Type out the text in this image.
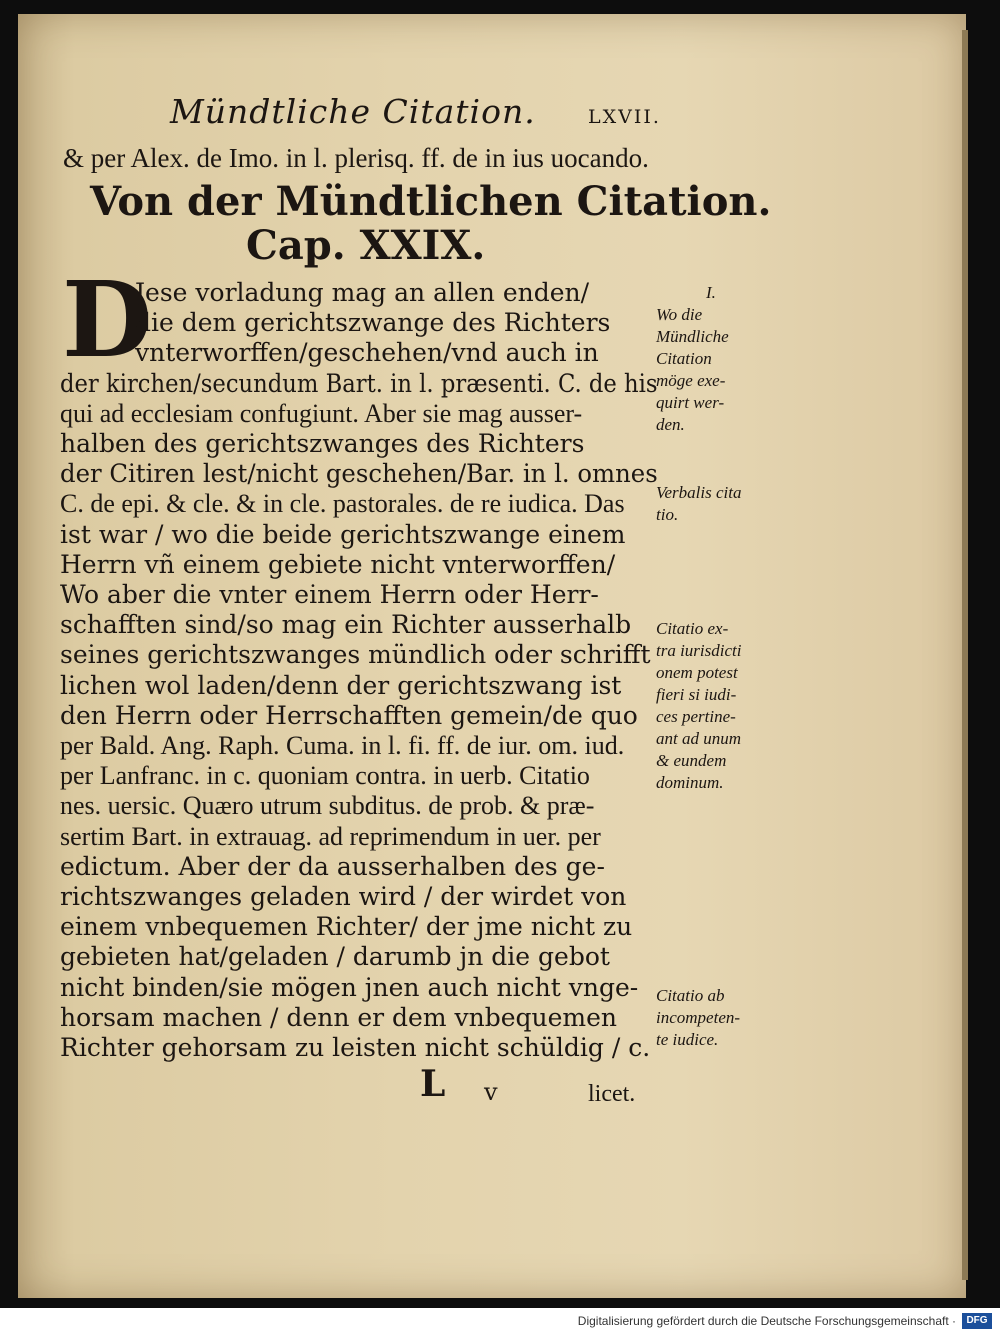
Mündtliche Citation.	LXVII.
& per Alex. de Imo. in l. plerisq. ff. de in ius uocando.
Von der Mündtlichen Citation.
Cap. XXIX.
D
Jese vorladung mag an allen enden/
die dem gerichtszwange des Richters
vnterworffen/geschehen/vnd auch in
der kirchen/secundum Bart. in l. præsenti. C. de his
qui ad ecclesiam confugiunt. Aber sie mag ausser-
halben des gerichtszwanges des Richters
der Citiren lest/nicht geschehen/Bar. in l. omnes
C. de epi. & cle. & in cle. pastorales. de re iudica. Das
ist war / wo die beide gerichtszwange einem
Herrn vñ einem gebiete nicht vnterworffen/
Wo aber die vnter einem Herrn oder Herr-
schafften sind/so mag ein Richter ausserhalb
seines gerichtszwanges mündlich oder schrifft
lichen wol laden/denn der gerichtszwang ist
den Herrn oder Herrschafften gemein/de quo
per Bald. Ang. Raph. Cuma. in l. fi. ff. de iur. om. iud.
per Lanfranc. in c. quoniam contra. in uerb. Citatio
nes. uersic. Quæro utrum subditus. de prob. & præ-
sertim Bart. in extrauag. ad reprimendum in uer. per
edictum. Aber der da ausserhalben des ge-
richtszwanges geladen wird / der wirdet von
einem vnbequemen Richter/ der jme nicht zu
gebieten hat/geladen / darumb jn die gebot
nicht binden/sie mögen jnen auch nicht vnge-
horsam machen / denn er dem vnbequemen
Richter gehorsam zu leisten nicht schüldig / c.
I.
Wo die
Mündliche
Citation
möge exe-
quirt wer-
den.
Verbalis cita
tio.
Citatio ex-
tra iurisdicti
onem potest
fieri si iudi-
ces pertine-
ant ad unum
& eundem
dominum.
Citatio ab
incompeten-
te iudice.
L v	licet.
Digitalisierung gefördert durch die Deutsche Forschungsgemeinschaft ·	DFG
